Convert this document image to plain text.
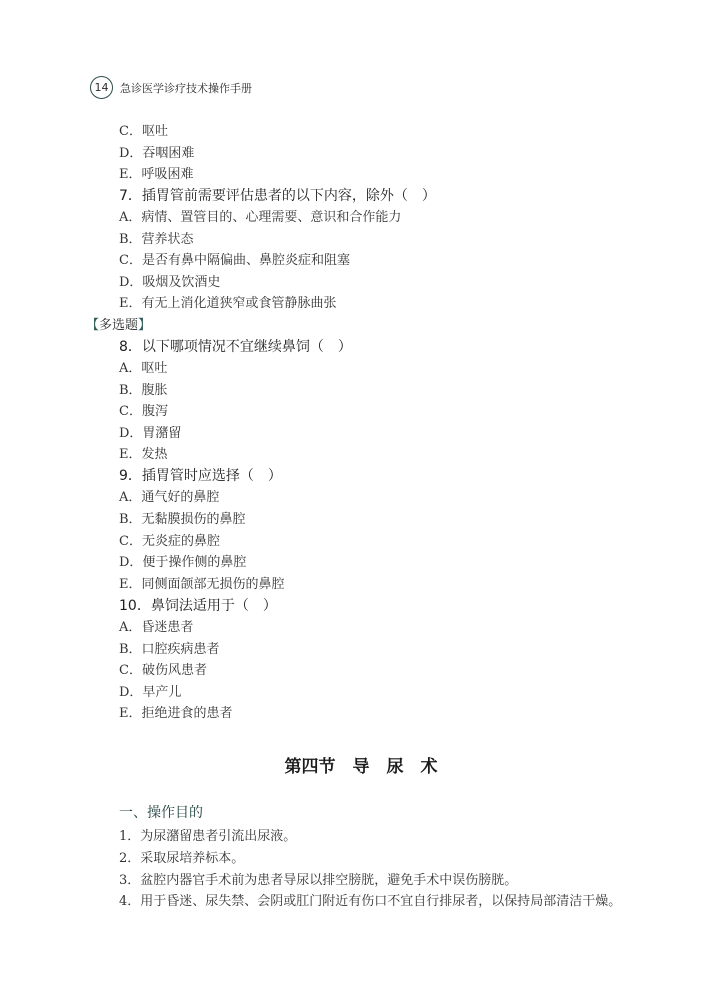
14	急诊医学诊疗技术操作手册
C．呕吐
D．吞咽困难
E．呼吸困难
7．插胃管前需要评估患者的以下内容，除外（　）
A．病情、置管目的、心理需要、意识和合作能力
B．营养状态
C．是否有鼻中隔偏曲、鼻腔炎症和阻塞
D．吸烟及饮酒史
E．有无上消化道狭窄或食管静脉曲张
【多选题】
8．以下哪项情况不宜继续鼻饲（　）
A．呕吐
B．腹胀
C．腹泻
D．胃潴留
E．发热
9．插胃管时应选择（　）
A．通气好的鼻腔
B．无黏膜损伤的鼻腔
C．无炎症的鼻腔
D．便于操作侧的鼻腔
E．同侧面颌部无损伤的鼻腔
10．鼻饲法适用于（　）
A．昏迷患者
B．口腔疾病患者
C．破伤风患者
D．早产儿
E．拒绝进食的患者
第四节　导　尿　术
一、操作目的
1．为尿潴留患者引流出尿液。
2．采取尿培养标本。
3．盆腔内器官手术前为患者导尿以排空膀胱，避免手术中误伤膀胱。
4．用于昏迷、尿失禁、会阴或肛门附近有伤口不宜自行排尿者，以保持局部清洁干燥。
